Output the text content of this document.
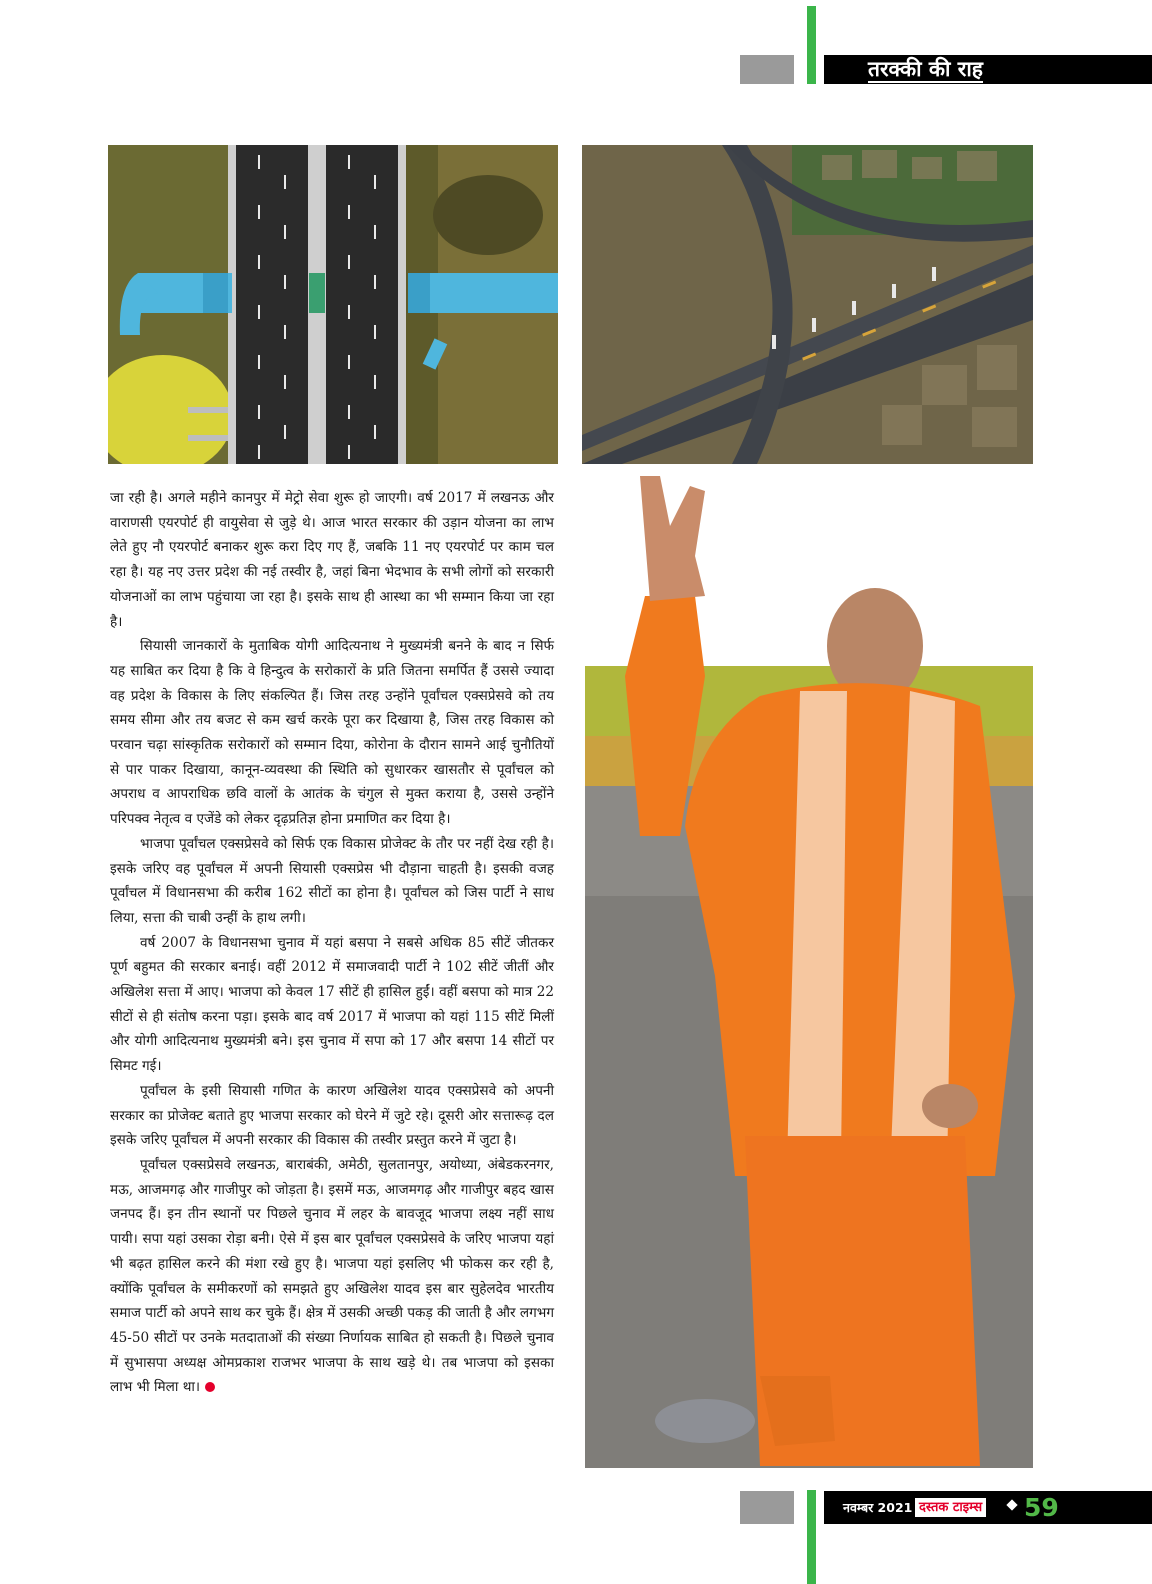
तरक्की की राह

जा रही है। अगले महीने कानपुर में मेट्रो सेवा शुरू हो जाएगी। वर्ष 2017 में लखनऊ और वाराणसी एयरपोर्ट ही वायुसेवा से जुड़े थे। आज भारत सरकार की उड़ान योजना का लाभ लेते हुए नौ एयरपोर्ट बनाकर शुरू करा दिए गए हैं, जबकि 11 नए एयरपोर्ट पर काम चल रहा है। यह नए उत्तर प्रदेश की नई तस्वीर है, जहां बिना भेदभाव के सभी लोगों को सरकारी योजनाओं का लाभ पहुंचाया जा रहा है। इसके साथ ही आस्था का भी सम्मान किया जा रहा है।

सियासी जानकारों के मुताबिक योगी आदित्यनाथ ने मुख्यमंत्री बनने के बाद न सिर्फ यह साबित कर दिया है कि वे हिन्दुत्व के सरोकारों के प्रति जितना समर्पित हैं उससे ज्यादा वह प्रदेश के विकास के लिए संकल्पित हैं। जिस तरह उन्होंने पूर्वांचल एक्सप्रेसवे को तय समय सीमा और तय बजट से कम खर्च करके पूरा कर दिखाया है, जिस तरह विकास को परवान चढ़ा सांस्कृतिक सरोकारों को सम्मान दिया, कोरोना के दौरान सामने आई चुनौतियों से पार पाकर दिखाया, कानून-व्यवस्था की स्थिति को सुधारकर खासतौर से पूर्वांचल को अपराध व आपराधिक छवि वालों के आतंक के चंगुल से मुक्त कराया है, उससे उन्होंने परिपक्व नेतृत्व व एजेंडे को लेकर दृढ़प्रतिज्ञ होना प्रमाणित कर दिया है।

भाजपा पूर्वांचल एक्सप्रेसवे को सिर्फ एक विकास प्रोजेक्ट के तौर पर नहीं देख रही है। इसके जरिए वह पूर्वांचल में अपनी सियासी एक्सप्रेस भी दौड़ाना चाहती है। इसकी वजह पूर्वांचल में विधानसभा की करीब 162 सीटों का होना है। पूर्वांचल को जिस पार्टी ने साध लिया, सत्ता की चाबी उन्हीं के हाथ लगी।

वर्ष 2007 के विधानसभा चुनाव में यहां बसपा ने सबसे अधिक 85 सीटें जीतकर पूर्ण बहुमत की सरकार बनाई। वहीं 2012 में समाजवादी पार्टी ने 102 सीटें जीतीं और अखिलेश सत्ता में आए। भाजपा को केवल 17 सीटें ही हासिल हुईं। वहीं बसपा को मात्र 22 सीटों से ही संतोष करना पड़ा। इसके बाद वर्ष 2017 में भाजपा को यहां 115 सीटें मिलीं और योगी आदित्यनाथ मुख्यमंत्री बने। इस चुनाव में सपा को 17 और बसपा 14 सीटों पर सिमट गई।

पूर्वांचल के इसी सियासी गणित के कारण अखिलेश यादव एक्सप्रेसवे को अपनी सरकार का प्रोजेक्ट बताते हुए भाजपा सरकार को घेरने में जुटे रहे। दूसरी ओर सत्तारूढ़ दल इसके जरिए पूर्वांचल में अपनी सरकार की विकास की तस्वीर प्रस्तुत करने में जुटा है।

पूर्वांचल एक्सप्रेसवे लखनऊ, बाराबंकी, अमेठी, सुलतानपुर, अयोध्या, अंबेडकरनगर, मऊ, आजमगढ़ और गाजीपुर को जोड़ता है। इसमें मऊ, आजमगढ़ और गाजीपुर बहद खास जनपद हैं। इन तीन स्थानों पर पिछले चुनाव में लहर के बावजूद भाजपा लक्ष्य नहीं साध पायी। सपा यहां उसका रोड़ा बनी। ऐसे में इस बार पूर्वांचल एक्सप्रेसवे के जरिए भाजपा यहां भी बढ़त हासिल करने की मंशा रखे हुए है। भाजपा यहां इसलिए भी फोकस कर रही है, क्योंकि पूर्वांचल के समीकरणों को समझते हुए अखिलेश यादव इस बार सुहेलदेव भारतीय समाज पार्टी को अपने साथ कर चुके हैं। क्षेत्र में उसकी अच्छी पकड़ की जाती है और लगभग 45-50 सीटों पर उनके मतदाताओं की संख्या निर्णायक साबित हो सकती है। पिछले चुनाव में सुभासपा अध्यक्ष ओमप्रकाश राजभर भाजपा के साथ खड़े थे। तब भाजपा को इसका लाभ भी मिला था।

नवम्बर 2021 दस्तक टाइम्स 59
